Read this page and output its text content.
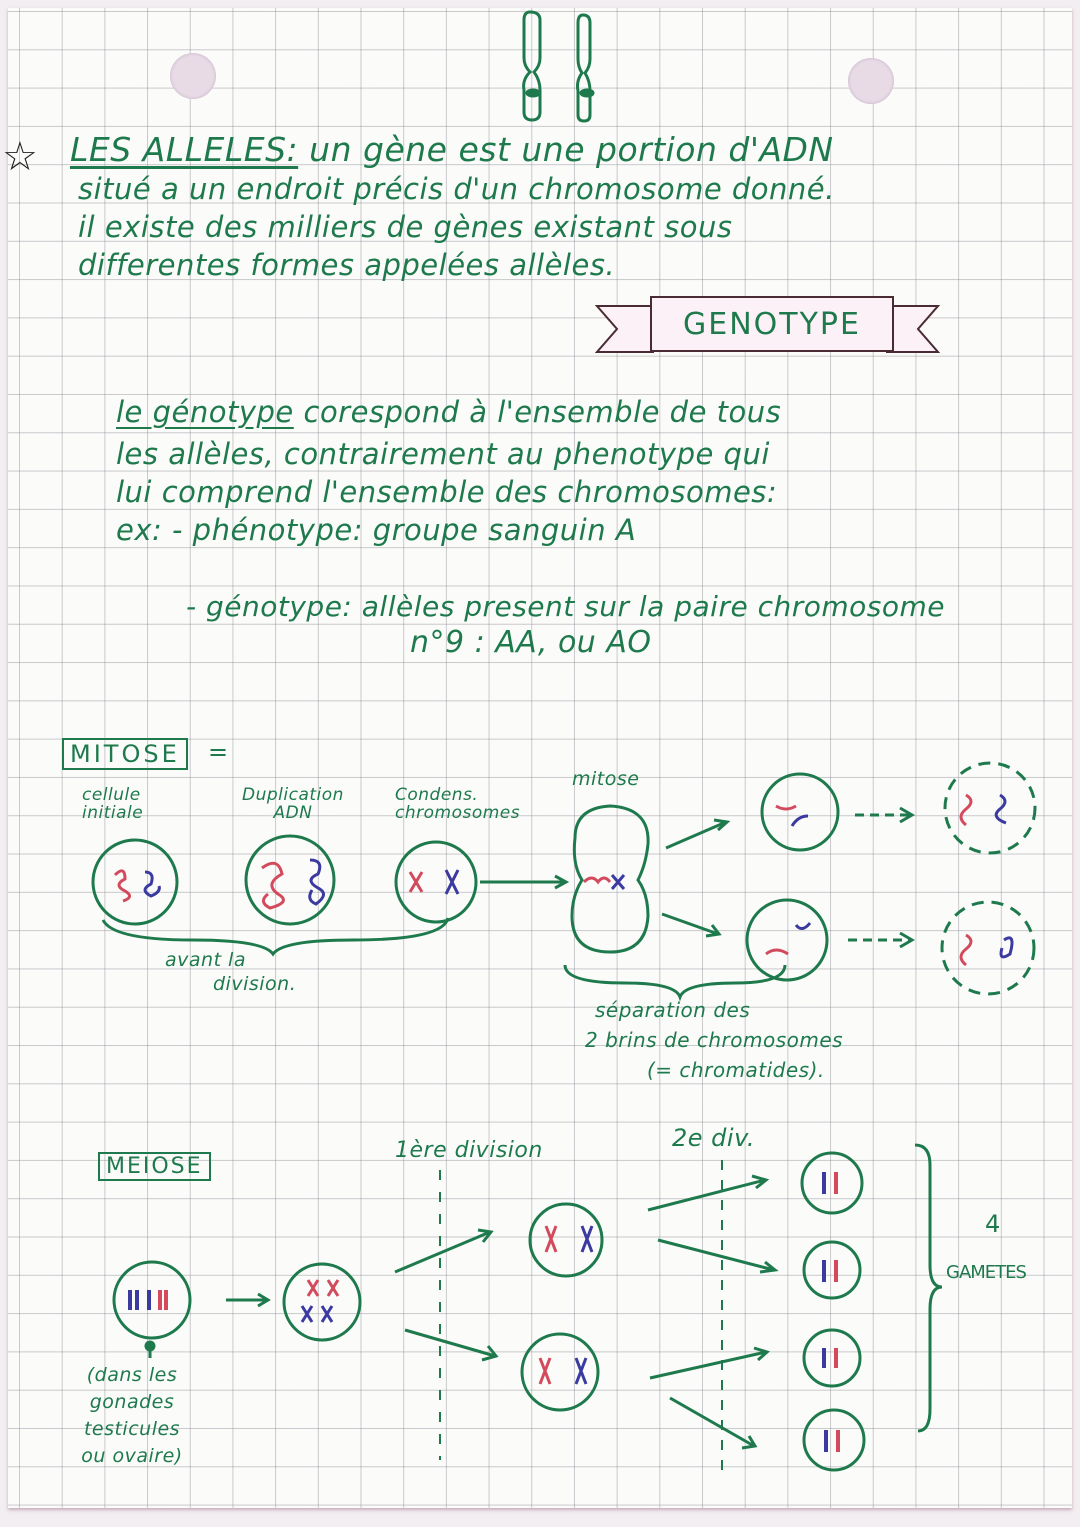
☆ LES ALLELES: un gène est une portion d'ADN
situé a un endroit précis d'un chromosome donné.
il existe des milliers de gènes existant sous
differentes formes appelées allèles.
GENOTYPE
le génotype corespond à l'ensemble de tous
les allèles, contrairement au phenotype qui
lui comprend l'ensemble des chromosomes:
ex: - phénotype: groupe sanguin A
- génotype: allèles present sur la paire chromosome
n°9 : AA, ou AO
MITOSE	=
cellule
initiale
Duplication
ADN
Condens.
chromosomes
mitose
avant la
division.
séparation des
2 brins de chromosomes
(= chromatides).
MEIOSE
1ère division	2e div.
(dans les
gonades
testicules
ou ovaire)
4
GAMETES
